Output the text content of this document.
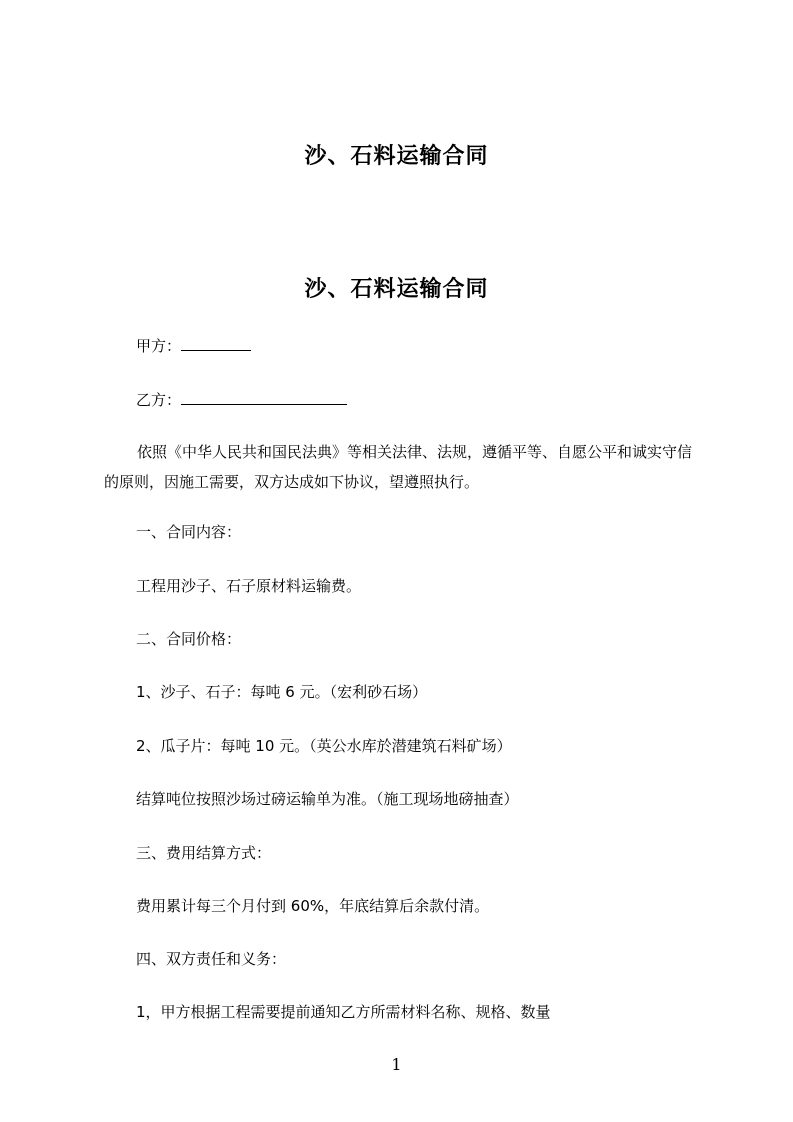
沙、石料运输合同
沙、石料运输合同
甲方：
乙方：
依照《中华人民共和国民法典》等相关法律、法规，遵循平等、自愿公平和诚实守信的原则，因施工需要，双方达成如下协议，望遵照执行。
一、合同内容：
工程用沙子、石子原材料运输费。
二、合同价格：
1、沙子、石子：每吨 6 元。（宏利砂石场）
2、瓜子片：每吨 10 元。（英公水库於潜建筑石料矿场）
结算吨位按照沙场过磅运输单为准。（施工现场地磅抽查）
三、费用结算方式：
费用累计每三个月付到 60%，年底结算后余款付清。
四、双方责任和义务：
1，甲方根据工程需要提前通知乙方所需材料名称、规格、数量
1
